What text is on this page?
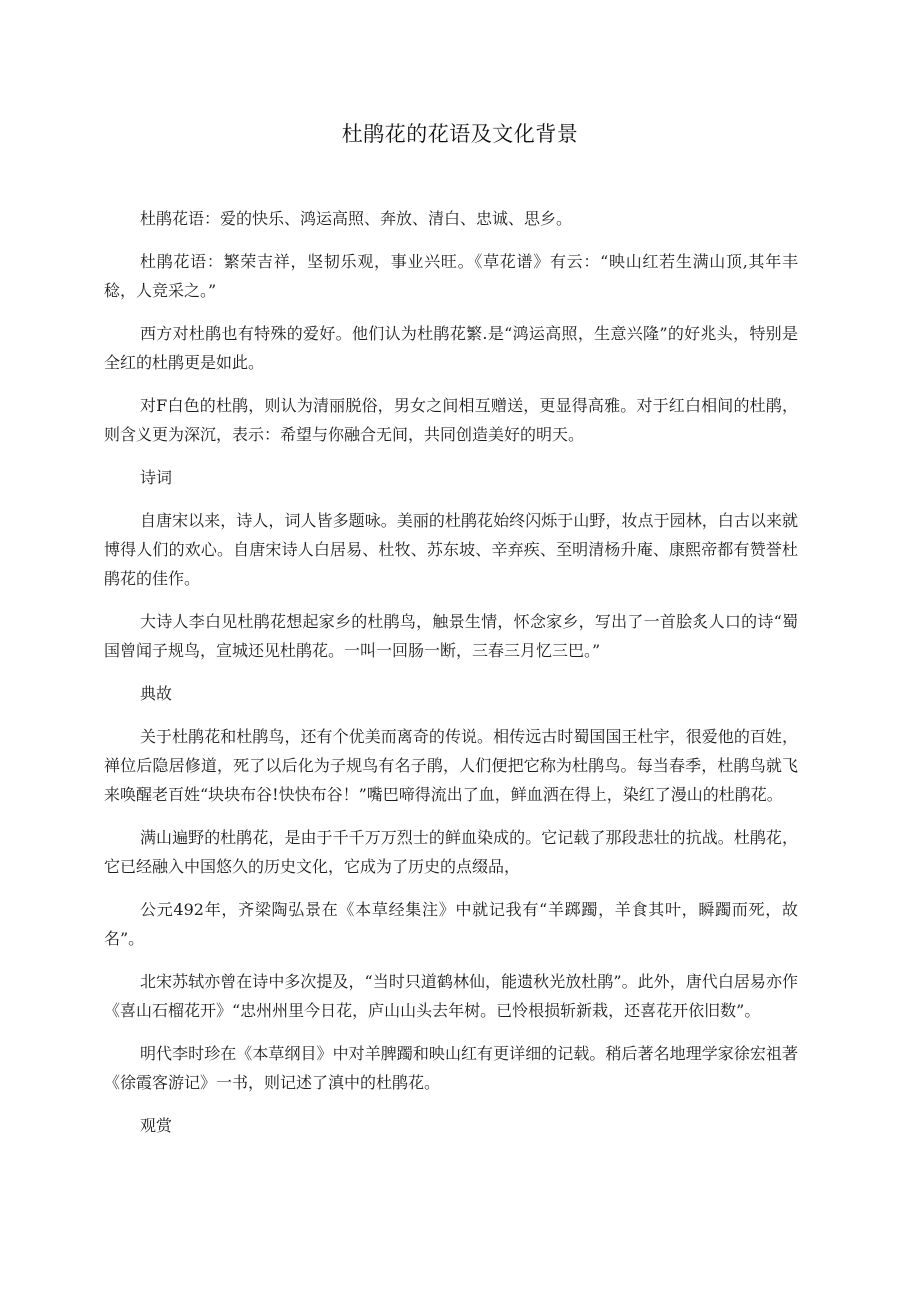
杜鹃花的花语及文化背景

杜鹃花语：爱的快乐、鸿运高照、奔放、清白、忠诚、思乡。

杜鹃花语：繁荣吉祥，坚韧乐观，事业兴旺。《草花谱》有云：“映山红若生满山顶,其年丰稔，人竞采之。”

西方对杜鹃也有特殊的爱好。他们认为杜鹃花繁.是“鸿运高照，生意兴隆”的好兆头，特别是全红的杜鹃更是如此。

对F白色的杜鹃，则认为清丽脱俗，男女之间相互赠送，更显得高雅。对于红白相间的杜鹃，则含义更为深沉，表示：希望与你融合无间，共同创造美好的明天。

诗词

自唐宋以来，诗人，词人皆多题咏。美丽的杜鹃花始终闪烁于山野，妆点于园林，白古以来就博得人们的欢心。自唐宋诗人白居易、杜牧、苏东坡、辛弃疾、至明清杨升庵、康熙帝都有赞誉杜鹃花的佳作。

大诗人李白见杜鹃花想起家乡的杜鹃鸟，触景生情，怀念家乡，写出了一首脍炙人口的诗“蜀国曾闻子规鸟，宣城还见杜鹃花。一叫一回肠一断，三春三月忆三巴。”

典故

关于杜鹃花和杜鹃鸟，还有个优美而离奇的传说。相传远古时蜀国国王杜宇，很爱他的百姓，禅位后隐居修道，死了以后化为子规鸟有名子鹃，人们便把它称为杜鹃鸟。每当春季，杜鹃鸟就飞来唤醒老百姓“块块布谷!快快布谷！”嘴巴啼得流出了血，鲜血洒在得上，染红了漫山的杜鹃花。

满山遍野的杜鹃花，是由于千千万万烈士的鲜血染成的。它记载了那段悲壮的抗战。杜鹃花，它已经融入中国悠久的历史文化，它成为了历史的点缀品，

公元492年，齐梁陶弘景在《本草经集注》中就记我有“羊踯躅，羊食其叶，瞬躅而死，故名”。

北宋苏轼亦曾在诗中多次提及，“当时只道鹤林仙，能遗秋光放杜鹃”。此外，唐代白居易亦作《喜山石榴花开》“忠州州里今日花，庐山山头去年树。已怜根损斩新栽，还喜花开依旧数”。

明代李时珍在《本草纲目》中对羊脾躅和映山红有更详细的记载。稍后著名地理学家徐宏祖著《徐霞客游记》一书，则记述了滇中的杜鹃花。

观赏
